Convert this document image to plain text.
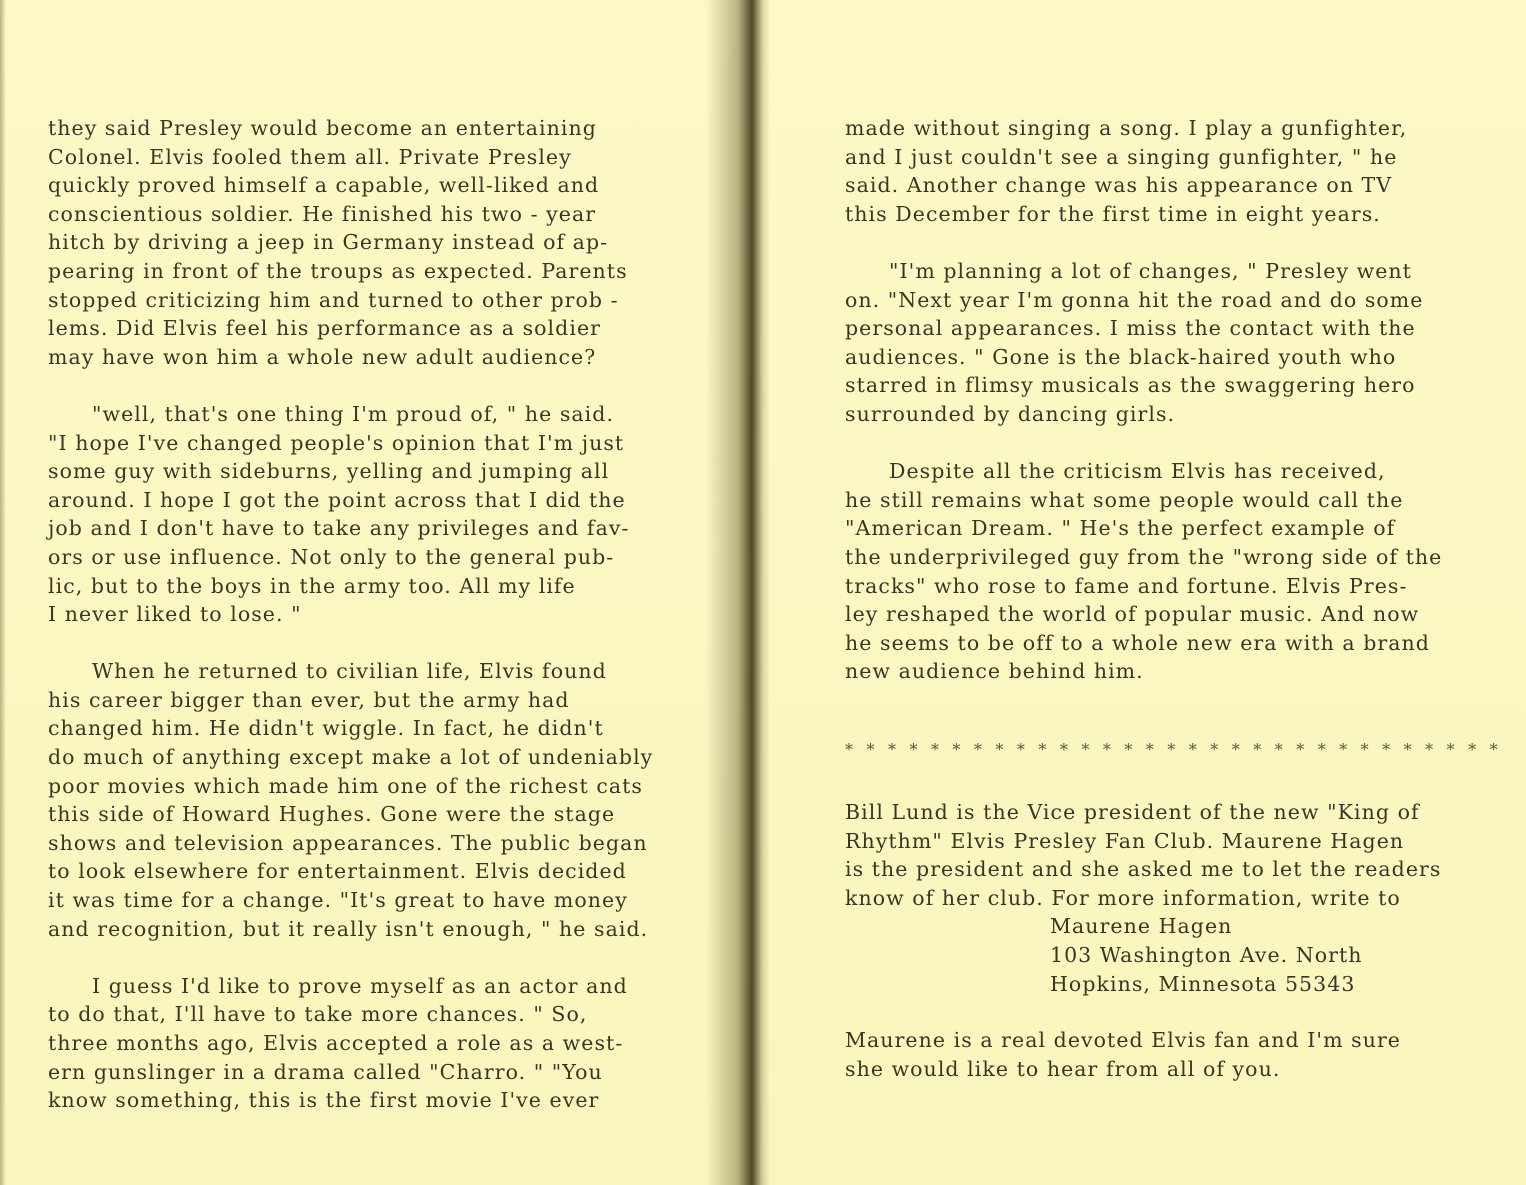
they said Presley would become an entertaining
Colonel. Elvis fooled them all. Private Presley
quickly proved himself a capable, well-liked and
conscientious soldier. He finished his two - year
hitch by driving a jeep in Germany instead of ap-
pearing in front of the troups as expected. Parents
stopped criticizing him and turned to other prob -
lems. Did Elvis feel his performance as a soldier
may have won him a whole new adult audience?

"well, that's one thing I'm proud of, " he said.
"I hope I've changed people's opinion that I'm just
some guy with sideburns, yelling and jumping all
around. I hope I got the point across that I did the
job and I don't have to take any privileges and fav-
ors or use influence. Not only to the general pub-
lic, but to the boys in the army too. All my life
I never liked to lose. "

When he returned to civilian life, Elvis found
his career bigger than ever, but the army had
changed him. He didn't wiggle. In fact, he didn't
do much of anything except make a lot of undeniably
poor movies which made him one of the richest cats
this side of Howard Hughes. Gone were the stage
shows and television appearances. The public began
to look elsewhere for entertainment. Elvis decided
it was time for a change. "It's great to have money
and recognition, but it really isn't enough, " he said.

I guess I'd like to prove myself as an actor and
to do that, I'll have to take more chances. " So,
three months ago, Elvis accepted a role as a west-
ern gunslinger in a drama called "Charro. " "You
know something, this is the first movie I've ever

made without singing a song. I play a gunfighter,
and I just couldn't see a singing gunfighter, " he
said. Another change was his appearance on TV
this December for the first time in eight years.

"I'm planning a lot of changes, " Presley went
on. "Next year I'm gonna hit the road and do some
personal appearances. I miss the contact with the
audiences. " Gone is the black-haired youth who
starred in flimsy musicals as the swaggering hero
surrounded by dancing girls.

Despite all the criticism Elvis has received,
he still remains what some people would call the
"American Dream. " He's the perfect example of
the underprivileged guy from the "wrong side of the
tracks" who rose to fame and fortune. Elvis Pres-
ley reshaped the world of popular music. And now
he seems to be off to a whole new era with a brand
new audience behind him.

* * * * * * * * * * * * * * * * * * * * * * * * * * * * * * *
Bill Lund is the Vice president of the new "King of
Rhythm" Elvis Presley Fan Club. Maurene Hagen
is the president and she asked me to let the readers
know of her club. For more information, write to
Maurene Hagen
103 Washington Ave. North
Hopkins, Minnesota 55343
Maurene is a real devoted Elvis fan and I'm sure
she would like to hear from all of you.
